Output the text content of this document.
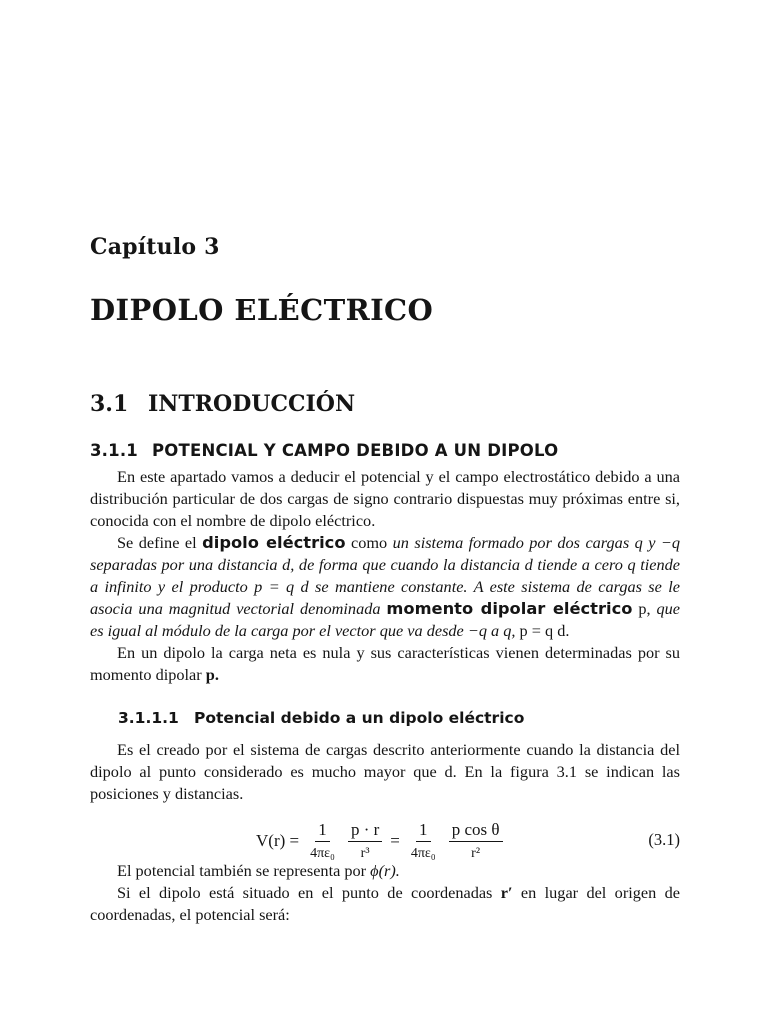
Capítulo 3
DIPOLO ELÉCTRICO
3.1 INTRODUCCIÓN
3.1.1 POTENCIAL Y CAMPO DEBIDO A UN DIPOLO

En este apartado vamos a deducir el potencial y el campo electrostático debido a una distribución particular de dos cargas de signo contrario dispuestas muy próximas entre si, conocida con el nombre de dipolo eléctrico.

Se define el dipolo eléctrico como un sistema formado por dos cargas q y −q separadas por una distancia d, de forma que cuando la distancia d tiende a cero q tiende a infinito y el producto p = q d se mantiene constante. A este sistema de cargas se le asocia una magnitud vectorial denominada momento dipolar eléctrico p, que es igual al módulo de la carga por el vector que va desde −q a q, p = q d.

En un dipolo la carga neta es nula y sus características vienen determinadas por su momento dipolar p.

3.1.1.1 Potencial debido a un dipolo eléctrico

Es el creado por el sistema de cargas descrito anteriormente cuando la distancia del dipolo al punto considerado es mucho mayor que d. En la figura 3.1 se indican las posiciones y distancias.

$V(r) = \frac{1}{\text{4πε₀}} \frac{p \cdot r}{\text{r³}} = \frac{1}{\text{4πε₀}} \frac{\text{p cos θ}}{\text{r²}}$	(3.1)

El potencial también se representa por ϕ(r).

Si el dipolo está situado en el punto de coordenadas r′ en lugar del origen de coordenadas, el potencial será:
